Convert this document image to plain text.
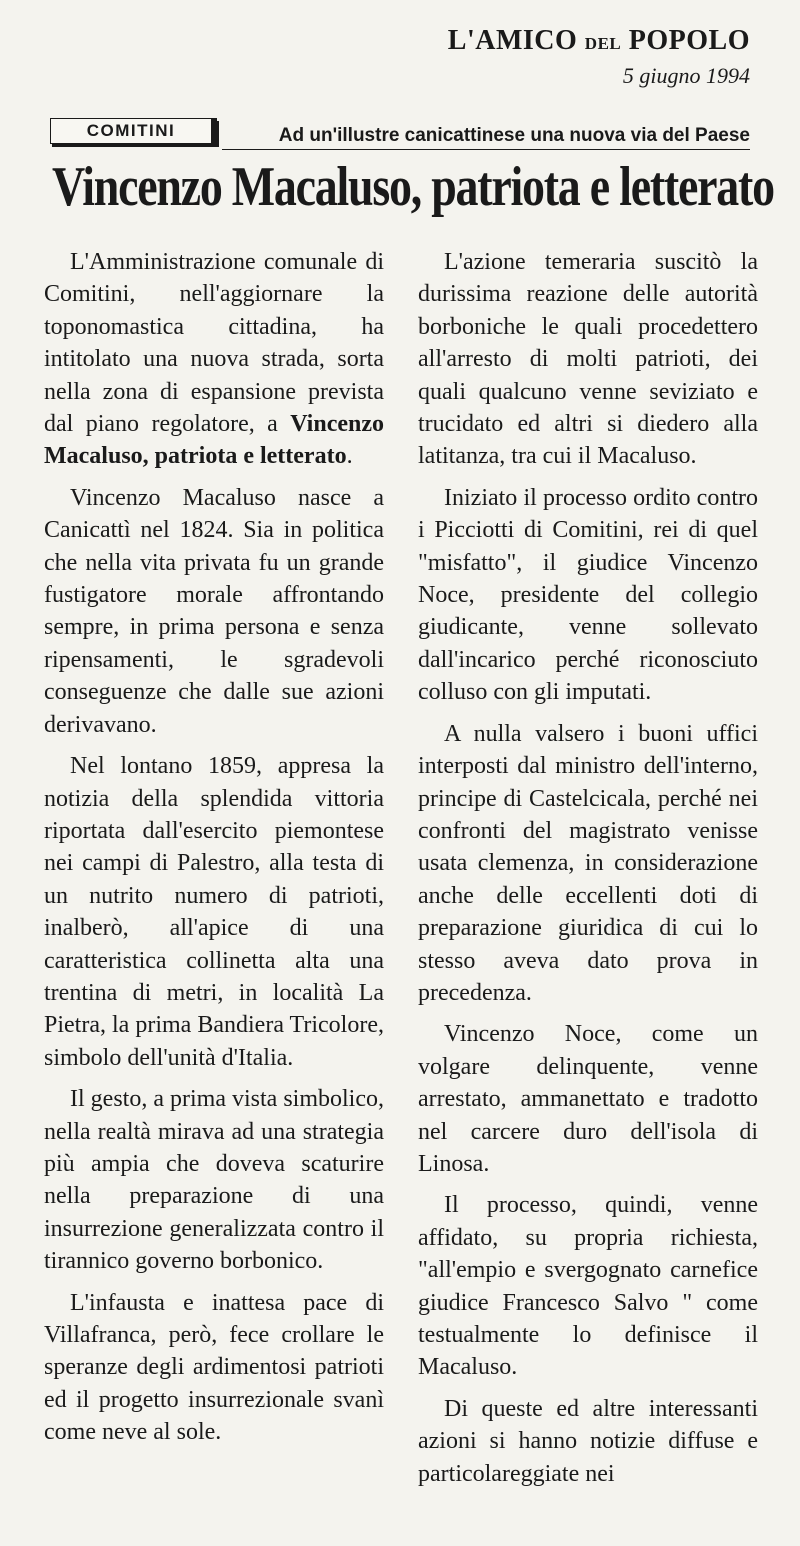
L'AMICO DEL POPOLO
5 giugno 1994
COMITINI	Ad un'illustre canicattinese una nuova via del Paese
Vincenzo Macaluso, patriota e letterato

L'Amministrazione comunale di Comitini, nell'aggiornare la toponomastica cittadina, ha intitolato una nuova strada, sorta nella zona di espansione prevista dal piano regolatore, a Vincenzo Macaluso, patriota e letterato.

Vincenzo Macaluso nasce a Canicattì nel 1824. Sia in politica che nella vita privata fu un grande fustigatore morale affrontando sempre, in prima persona e senza ripensamenti, le sgradevoli conseguenze che dalle sue azioni derivavano.

Nel lontano 1859, appresa la notizia della splendida vittoria riportata dall'esercito piemontese nei campi di Palestro, alla testa di un nutrito numero di patrioti, inalberò, all'apice di una caratteristica collinetta alta una trentina di metri, in località La Pietra, la prima Bandiera Tricolore, simbolo dell'unità d'Italia.

Il gesto, a prima vista simbolico, nella realtà mirava ad una strategia più ampia che doveva scaturire nella preparazione di una insurrezione generalizzata contro il tirannico governo borbonico.

L'infausta e inattesa pace di Villafranca, però, fece crollare le speranze degli ardimentosi patrioti ed il progetto insurrezionale svanì come neve al sole.

L'azione temeraria suscitò la durissima reazione delle autorità borboniche le quali procedettero all'arresto di molti patrioti, dei quali qualcuno venne seviziato e trucidato ed altri si diedero alla latitanza, tra cui il Macaluso.

Iniziato il processo ordito contro i Picciotti di Comitini, rei di quel "misfatto", il giudice Vincenzo Noce, presidente del collegio giudicante, venne sollevato dall'incarico perché riconosciuto colluso con gli imputati.

A nulla valsero i buoni uffici interposti dal ministro dell'interno, principe di Castelcicala, perché nei confronti del magistrato venisse usata clemenza, in considerazione anche delle eccellenti doti di preparazione giuridica di cui lo stesso aveva dato prova in precedenza.

Vincenzo Noce, come un volgare delinquente, venne arrestato, ammanettato e tradotto nel carcere duro dell'isola di Linosa.

Il processo, quindi, venne affidato, su propria richiesta, "all'empio e svergognato carnefice giudice Francesco Salvo " come testualmente lo definisce il Macaluso.

Di queste ed altre interessanti azioni si hanno notizie diffuse e particolareggiate nei
